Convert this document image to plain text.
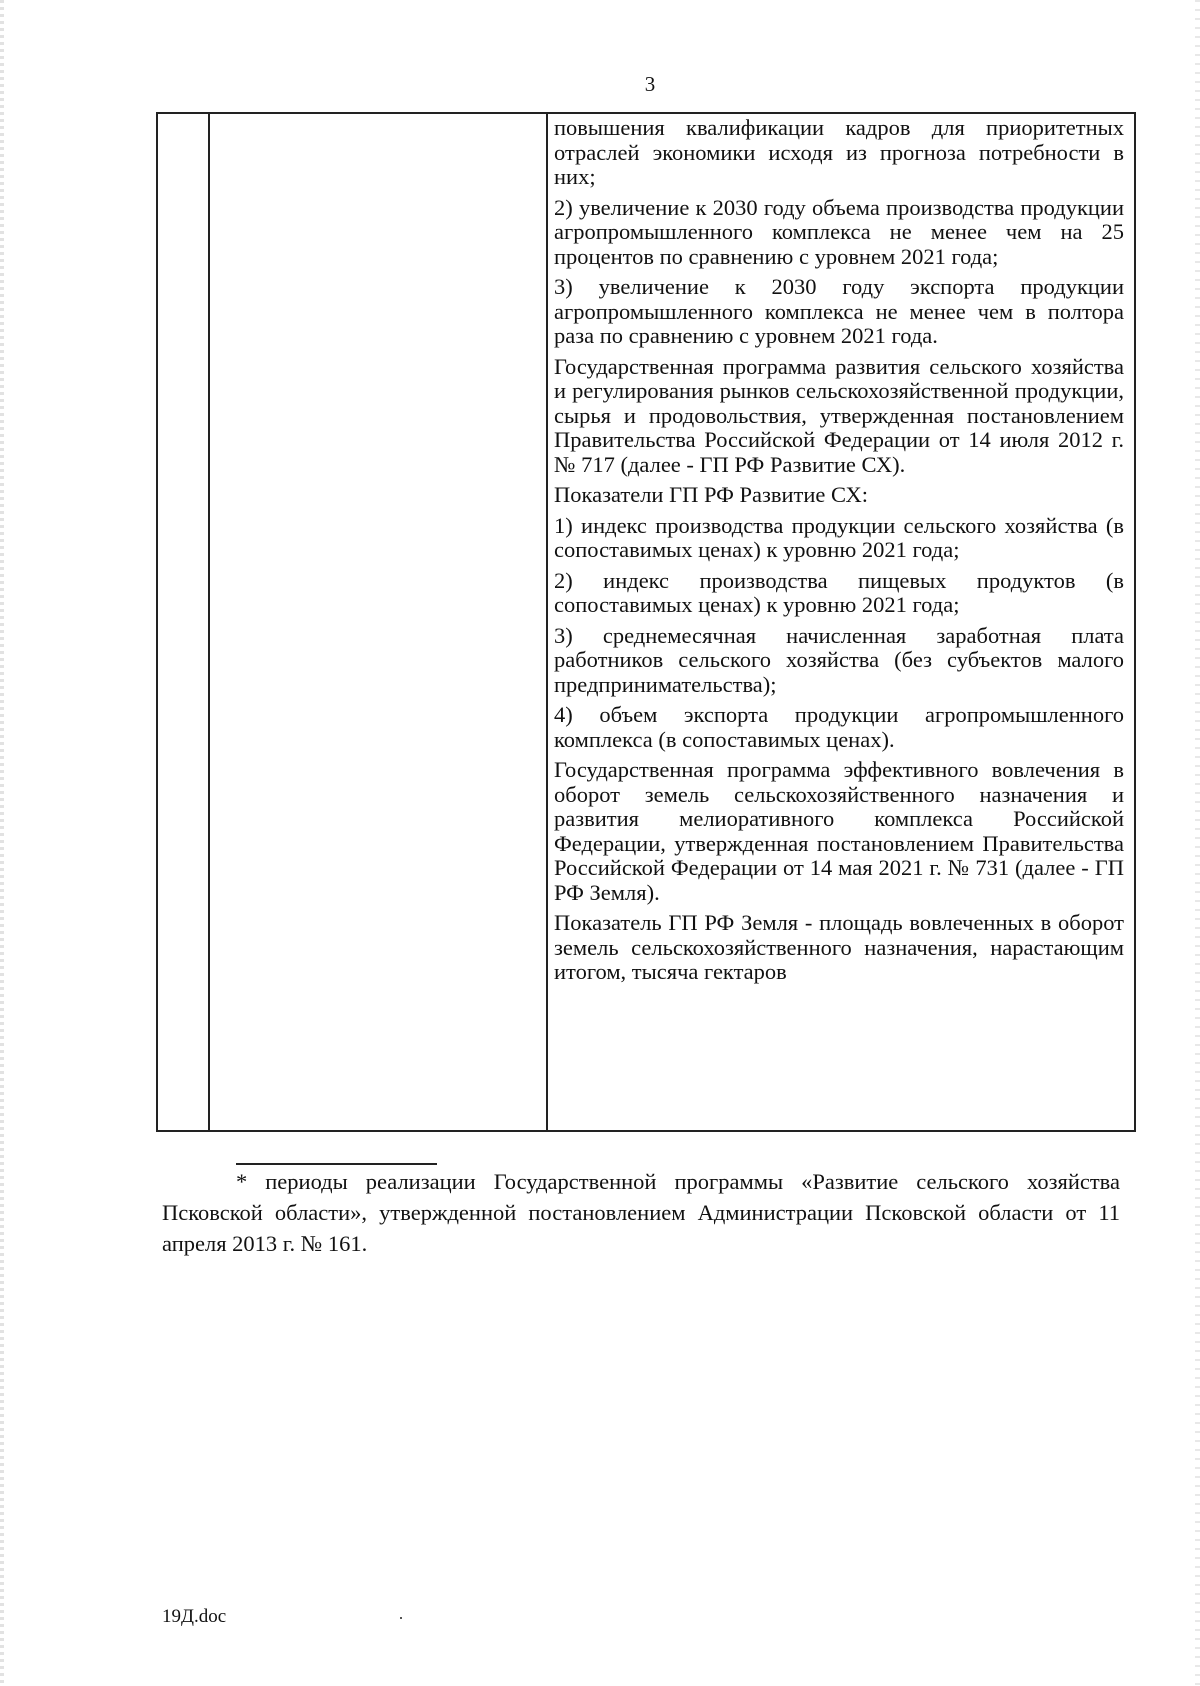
3

повышения квалификации кадров для приоритетных отраслей экономики исходя из прогноза потребности в них;

2) увеличение к 2030 году объема производства продукции агропромышленного комплекса не менее чем на 25 процентов по сравнению с уровнем 2021 года;

3) увеличение к 2030 году экспорта продукции агропромышленного комплекса не менее чем в полтора раза по сравнению с уровнем 2021 года.

Государственная программа развития сельского хозяйства и регулирования рынков сельскохозяйственной продукции, сырья и продовольствия, утвержденная постановлением Правительства Российской Федерации от 14 июля 2012 г. № 717 (далее - ГП РФ Развитие СХ).

Показатели ГП РФ Развитие СХ:

1) индекс производства продукции сельского хозяйства (в сопоставимых ценах) к уровню 2021 года;

2) индекс производства пищевых продуктов (в сопоставимых ценах) к уровню 2021 года;

3) среднемесячная начисленная заработная плата работников сельского хозяйства (без субъектов малого предпринимательства);

4) объем экспорта продукции агропромышленного комплекса (в сопоставимых ценах).

Государственная программа эффективного вовлечения в оборот земель сельскохозяйственного назначения и развития мелиоративного комплекса Российской Федерации, утвержденная постановлением Правительства Российской Федерации от 14 мая 2021 г. № 731 (далее - ГП РФ Земля).

Показатель ГП РФ Земля - площадь вовлеченных в оборот земель сельскохозяйственного назначения, нарастающим итогом, тысяча гектаров

* периоды реализации Государственной программы «Развитие сельского хозяйства Псковской области», утвержденной постановлением Администрации Псковской области от 11 апреля 2013 г. № 161.
19Д.doc
